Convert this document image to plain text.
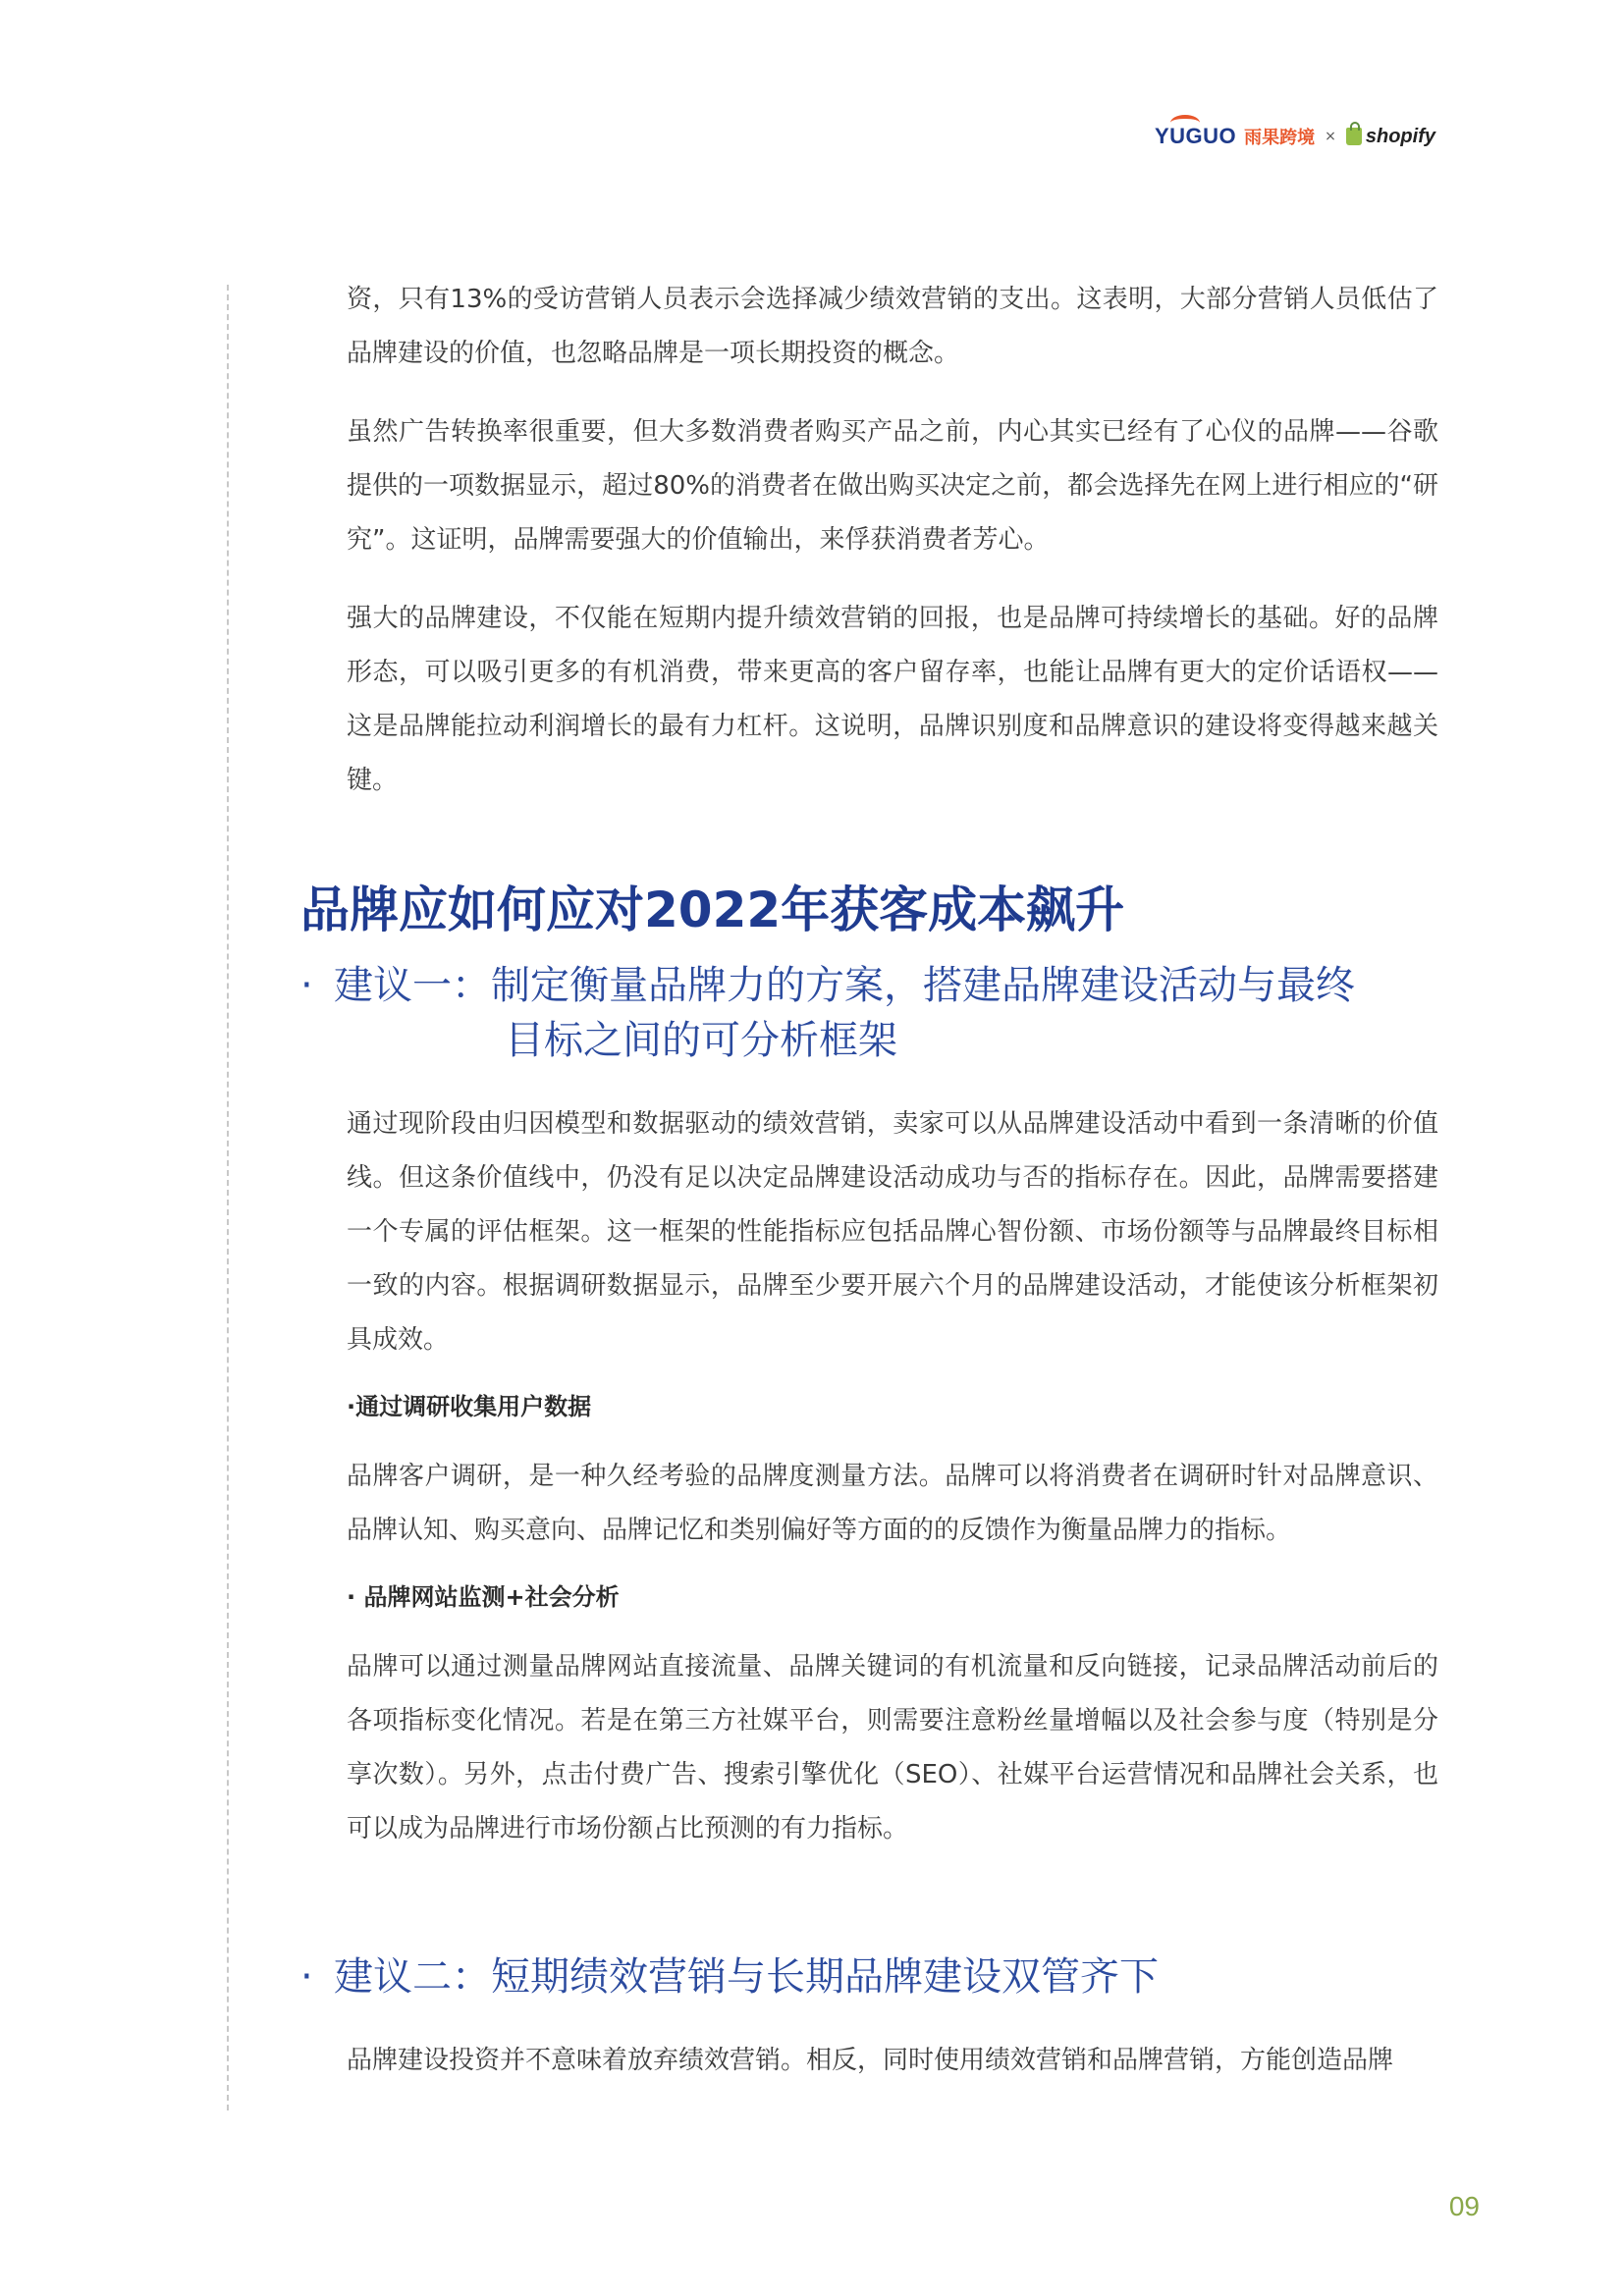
YUGUO 雨果跨境 × shopify

资，只有13%的受访营销人员表示会选择减少绩效营销的支出。这表明，大部分营销人员低估了品牌建设的价值，也忽略品牌是一项长期投资的概念。

虽然广告转换率很重要，但大多数消费者购买产品之前，内心其实已经有了心仪的品牌——谷歌提供的一项数据显示，超过80%的消费者在做出购买决定之前，都会选择先在网上进行相应的“研究”。这证明，品牌需要强大的价值输出，来俘获消费者芳心。

强大的品牌建设，不仅能在短期内提升绩效营销的回报，也是品牌可持续增长的基础。好的品牌形态，可以吸引更多的有机消费，带来更高的客户留存率，也能让品牌有更大的定价话语权——这是品牌能拉动利润增长的最有力杠杆。这说明，品牌识别度和品牌意识的建设将变得越来越关键。

品牌应如何应对2022年获客成本飙升
· 建议一：制定衡量品牌力的方案，搭建品牌建设活动与最终
目标之间的可分析框架

通过现阶段由归因模型和数据驱动的绩效营销，卖家可以从品牌建设活动中看到一条清晰的价值线。但这条价值线中，仍没有足以决定品牌建设活动成功与否的指标存在。因此，品牌需要搭建一个专属的评估框架。这一框架的性能指标应包括品牌心智份额、市场份额等与品牌最终目标相一致的内容。根据调研数据显示，品牌至少要开展六个月的品牌建设活动，才能使该分析框架初具成效。

·通过调研收集用户数据

品牌客户调研，是一种久经考验的品牌度测量方法。品牌可以将消费者在调研时针对品牌意识、品牌认知、购买意向、品牌记忆和类别偏好等方面的的反馈作为衡量品牌力的指标。

· 品牌网站监测+社会分析

品牌可以通过测量品牌网站直接流量、品牌关键词的有机流量和反向链接，记录品牌活动前后的各项指标变化情况。若是在第三方社媒平台，则需要注意粉丝量增幅以及社会参与度（特别是分享次数）。另外，点击付费广告、搜索引擎优化（SEO）、社媒平台运营情况和品牌社会关系，也可以成为品牌进行市场份额占比预测的有力指标。

· 建议二：短期绩效营销与长期品牌建设双管齐下

品牌建设投资并不意味着放弃绩效营销。相反，同时使用绩效营销和品牌营销，方能创造品牌

09
